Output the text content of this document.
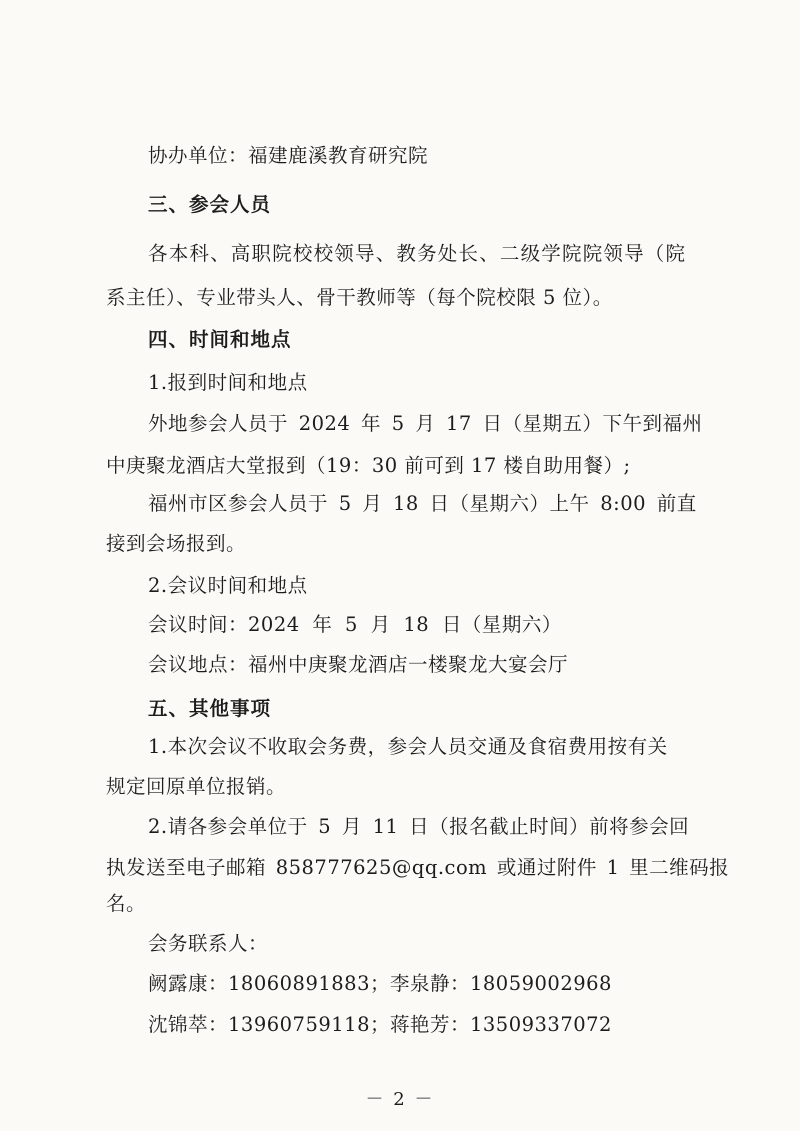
协办单位：福建鹿溪教育研究院
三、参会人员
各本科、高职院校校领导、教务处长、二级学院院领导（院
系主任）、专业带头人、骨干教师等（每个院校限 5 位）。
四、时间和地点
1.报到时间和地点
外地参会人员于 2024 年 5 月 17 日（星期五）下午到福州
中庚聚龙酒店大堂报到（19：30 前可到 17 楼自助用餐）;
福州市区参会人员于 5 月 18 日（星期六）上午 8:00 前直
接到会场报到。
2.会议时间和地点
会议时间：2024 年 5 月 18 日（星期六）
会议地点：福州中庚聚龙酒店一楼聚龙大宴会厅
五、其他事项
1.本次会议不收取会务费，参会人员交通及食宿费用按有关
规定回原单位报销。
2.请各参会单位于 5 月 11 日（报名截止时间）前将参会回
执发送至电子邮箱 858777625@qq.com 或通过附件 1 里二维码报
名。
会务联系人：
阙露康：18060891883；李泉静：18059002968
沈锦萃：13960759118；蒋艳芳：13509337072
－ 2 －
